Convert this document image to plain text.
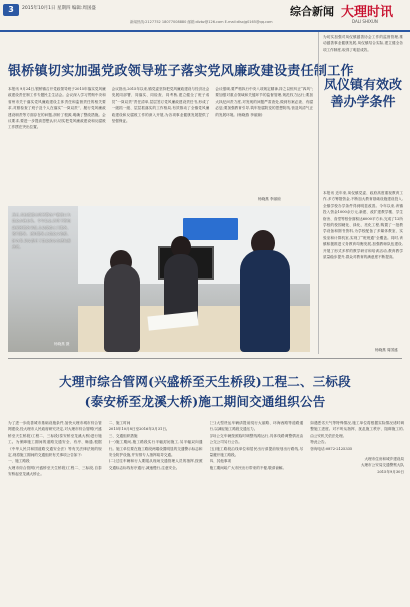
3	2015年10月1日 星期四 编辑:周国盛
新闻热线:2127752 18077008880 邮箱:dlzbz@126.com E-mail:dlsxjg0165@qq.com
综合新闻 大理时讯
DALI SHIXUN
银桥镇切实加强党政领导班子落实党风廉政建设责任制工作
本报讯 9月24日,银桥镇召开党政领导班子2015年落实党风廉政建设责任制工作专题民主生活会。会议深入学习贯彻中央和省州市关于落实党风廉政建设主体责任和监督责任的相关要求,对照检查了班子及个人在落实“一岗双责”、履行党风廉政建设职责等方面存在的问题,剖析了根源,明确了整改措施。会议要求,要进一步提高思想认识,切实把党风廉政建设和反腐败工作摆在突出位置。
会议指出,2015年以来,镇党委坚持把党风廉政建设与经济社会发展同部署、同落实、同检查、同考核,建立健全了班子成员“一岗双责”责任清单,层层签订党风廉政建设责任书,形成了一级抓一级、层层抓落实的工作格局,有效推动了全镇党风廉政建设和反腐败工作的深入开展,为各项事业健康发展提供了坚强保证。
会议强调,要严格执行中央八项规定精神,持之以恒纠正“四风”;要加强对重点领域和关键环节的监督管理,规范权力运行;要加大执纪问责力度,对发现的问题严肃查处,做到有案必查、有腐必惩;要加强教育引导,筑牢拒腐防变的思想防线,营造风清气正的发展环境。(杨晓燕 李丽琼)
杨晓燕 李丽琼
近日,凤仪镇派出所民警在户籍窗口为群众办理业务。今年以来,该所不断创新便民服务举措,主动提供上门服务、预约服务、延时服务,让群众少跑路、好办事,切实提升了群众的安全感和满意度。
杨晓燕 摄
为切实加强对凤仪镇慈善协会工作的监督管理,推动慈善事业健康发展,凤仪镇结合实际,建立健全各项工作制度,取得了明显成效。
凤仪镇有效改善办学条件
本报讯 近年来,凤仪镇党委、政府高度重视教育工作,多方筹措资金,不断加大教育基础设施建设投入,全镇学校办学条件得到明显改善。今年以来,该镇投入资金1000余万元,新建、改扩建教学楼、学生宿舍、食堂等校舍面积达6000平方米,完成了12所学校的校园硬化、绿化、亮化工程,购置了一批教学设备和图书资料,为学校配备了多媒体教室、实验室和计算机室,实现了“班班通”全覆盖。同时,该镇积极推进义务教育均衡发展,加强教师队伍建设,开展了形式多样的教学研讨和培训活动,教育教学质量稳步提升,群众对教育的满意度不断提高。
杨晓燕 周国盛
大理市综合管网(兴盛桥至天生桥段)工程二、三标段
(泰安桥至龙溪大桥)施工期间交通组织公告
为了进一步改善城市基础设施条件,加快大理市城市综合管网建设,经大理市人民政府研究决定,对大理市综合管网(兴盛桥至天生桥段)工程二、三标段(泰安桥至龙溪大桥)进行施工。为保障施工期间的道路交通安全、有序、畅通,根据《中华人民共和国道路交通安全法》等有关法律法规的规定,现将施工期间的交通组织有关事项公告如下:
一、施工路段
大理市综合管网(兴盛桥至天生桥段)工程二、三标段,自泰安桥起至龙溪大桥止。
二、施工时间
2015年10月8日至2016年3月31日。
三、交通组织措施
(一)施工期间,施工路段实行半幅封闭施工,另半幅双向通行。施工单位要在施工路段两端设置明显的交通警示标志和安全防护设施,并安排专人指挥疏导交通。
(二)过往车辆和行人要服从现场交通管理人员的指挥,按照交通标志标线有序通行,减速慢行,注意安全。
(三)大型货运车辆请提前绕行大丽路、环海西路等道路通行,以减轻施工路段交通压力。
(四)公交车辆按照临时调整线路运行,具体线路调整情况由公交公司另行公告。
(五)施工路段沿线单位和居民出行请提前规划出行路线,尽量避开施工路段。
四、其他事项
施工期间给广大市民出行带来的不便,敬请谅解。
如遇恶劣天气等特殊情况,施工单位将根据实际情况适时调整施工进度。对不听从指挥、扰乱施工秩序、阻碍施工的,由公安机关依法处理。
特此公告。
咨询电话:0872-2125335
大理市住房和城乡建设局
大理市公安局交通警察大队
2015年9月30日
